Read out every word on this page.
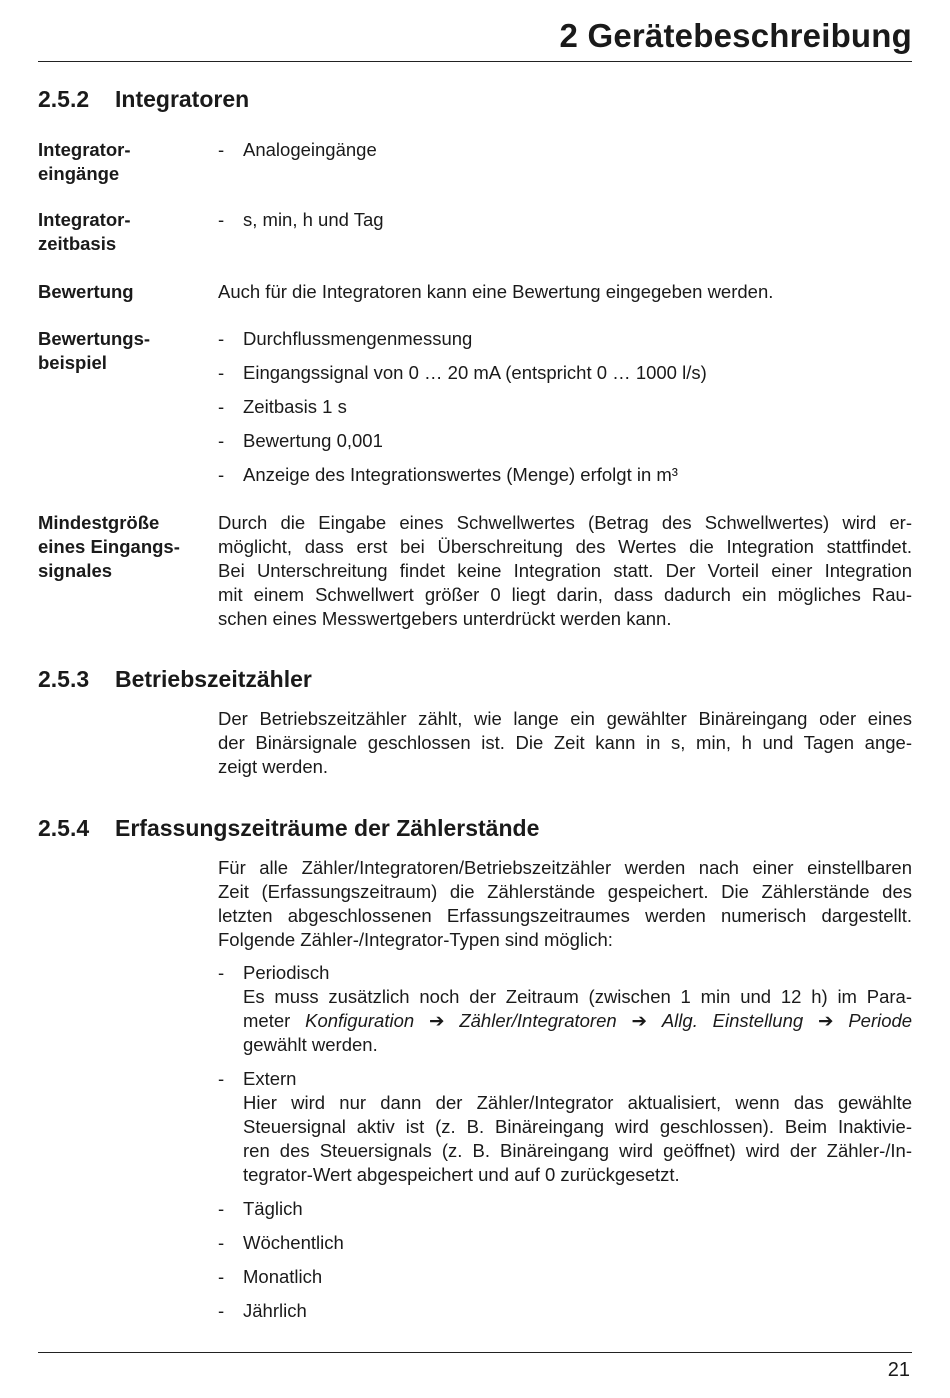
2 Gerätebeschreibung
2.5.2 Integratoren
Integrator-
eingänge
- Analogeingänge
Integrator-
zeitbasis
- s, min, h und Tag
Bewertung	Auch für die Integratoren kann eine Bewertung eingegeben werden.
Bewertungs-
beispiel
- Durchflussmengenmessung
- Eingangssignal von 0 … 20 mA (entspricht 0 … 1000 l/s)
- Zeitbasis 1 s
- Bewertung 0,001
- Anzeige des Integrationswertes (Menge) erfolgt in m³
Mindestgröße
eines Eingangs-
signales
Durch die Eingabe eines Schwellwertes (Betrag des Schwellwertes) wird er-
möglicht, dass erst bei Überschreitung des Wertes die Integration stattfindet.
Bei Unterschreitung findet keine Integration statt. Der Vorteil einer Integration
mit einem Schwellwert größer 0 liegt darin, dass dadurch ein mögliches Rau-
schen eines Messwertgebers unterdrückt werden kann.
2.5.3 Betriebszeitzähler
Der Betriebszeitzähler zählt, wie lange ein gewählter Binäreingang oder eines
der Binärsignale geschlossen ist. Die Zeit kann in s, min, h und Tagen ange-
zeigt werden.
2.5.4 Erfassungszeiträume der Zählerstände
Für alle Zähler/Integratoren/Betriebszeitzähler werden nach einer einstellbaren
Zeit (Erfassungszeitraum) die Zählerstände gespeichert. Die Zählerstände des
letzten abgeschlossenen Erfassungszeitraumes werden numerisch dargestellt.
Folgende Zähler-/Integrator-Typen sind möglich:
- Periodisch
Es muss zusätzlich noch der Zeitraum (zwischen 1 min und 12 h) im Para-
meter Konfiguration ➔ Zähler/Integratoren ➔ Allg. Einstellung ➔ Periode
gewählt werden.
- Extern
Hier wird nur dann der Zähler/Integrator aktualisiert, wenn das gewählte
Steuersignal aktiv ist (z. B. Binäreingang wird geschlossen). Beim Inaktivie-
ren des Steuersignals (z. B. Binäreingang wird geöffnet) wird der Zähler-/In-
tegrator-Wert abgespeichert und auf 0 zurückgesetzt.
- Täglich
- Wöchentlich
- Monatlich
- Jährlich
21
